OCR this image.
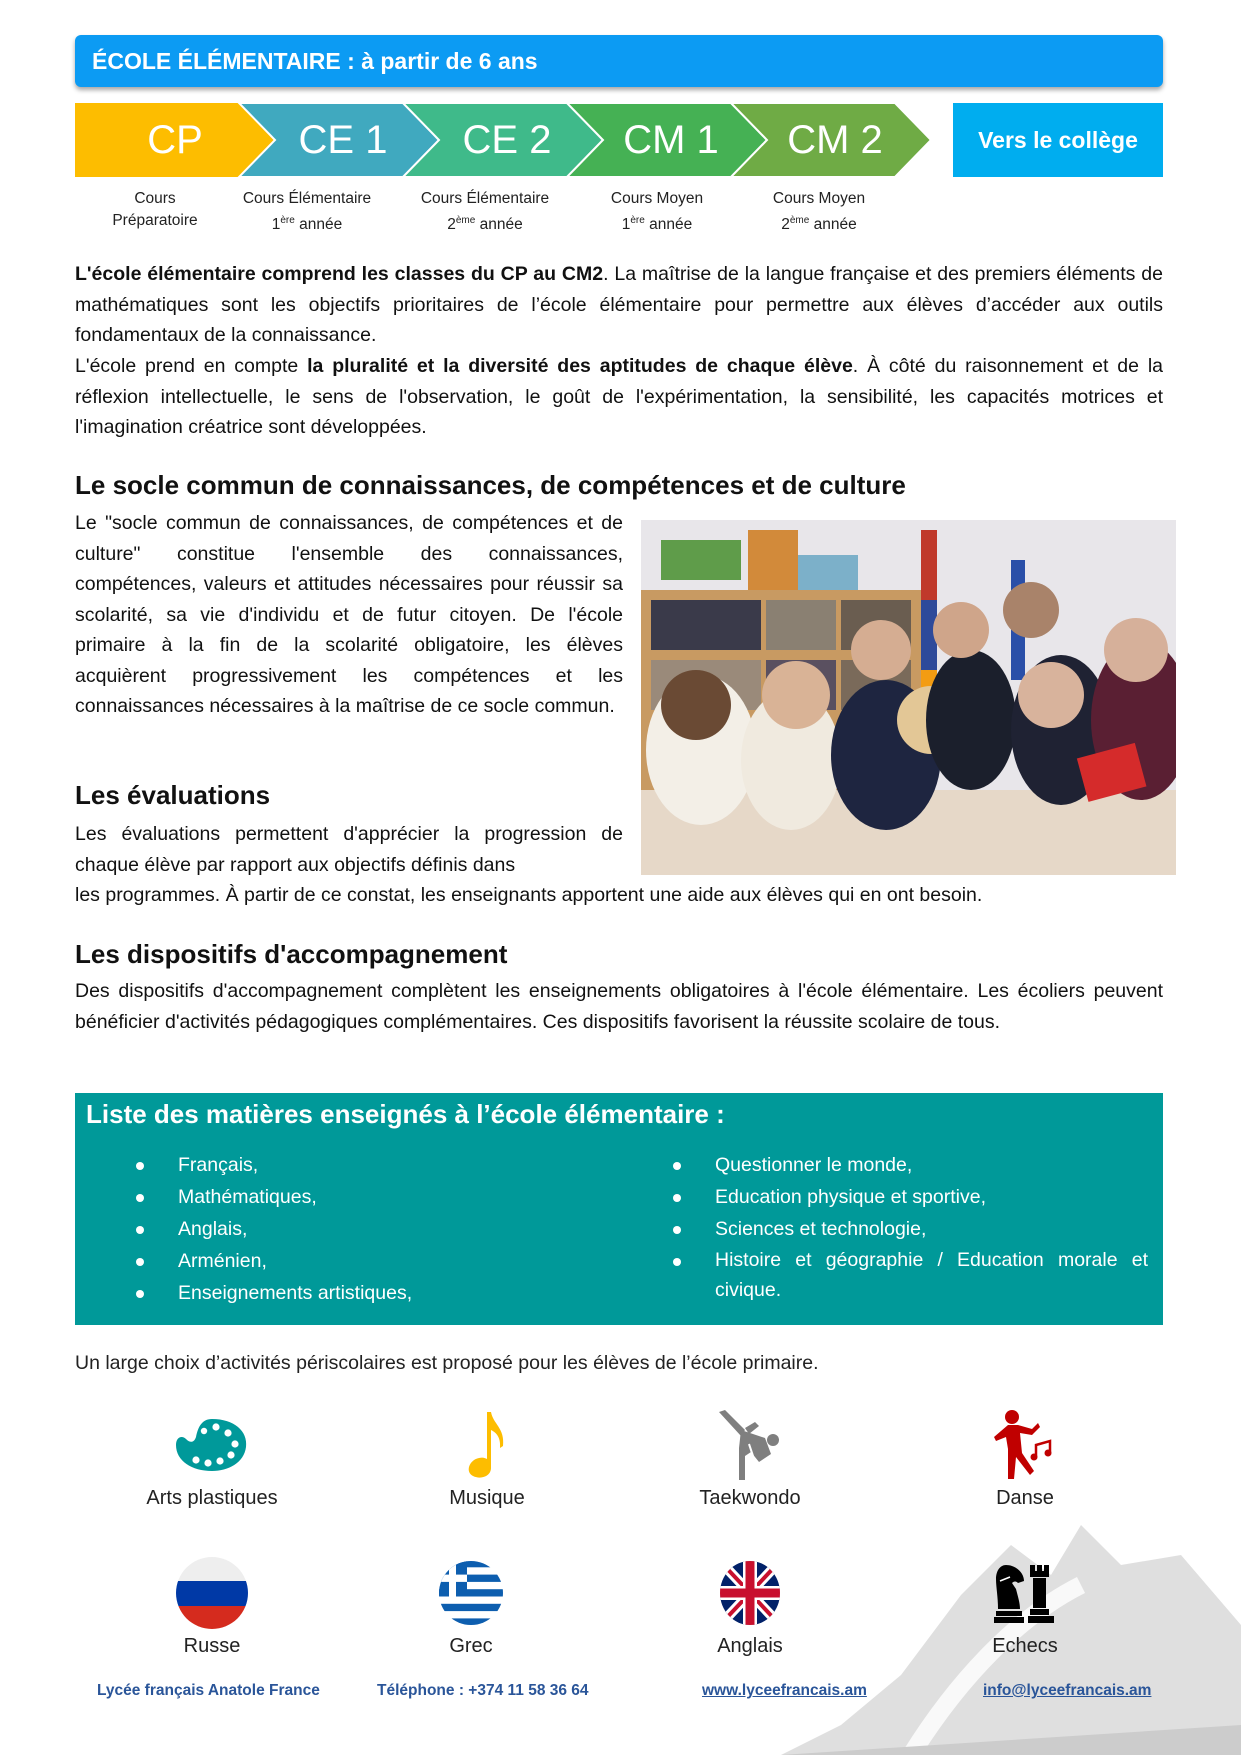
ÉCOLE ÉLÉMENTAIRE : à partir de 6 ans
CP	CE 1	CE 2	CM 1	CM 2	Vers le collège
Cours
Préparatoire
Cours Élémentaire
1ère année
Cours Élémentaire
2ème année
Cours Moyen
1ère année
Cours Moyen
2ème année
L'école élémentaire comprend les classes du CP au CM2. La maîtrise de la langue française et des premiers éléments de mathématiques sont les objectifs prioritaires de l’école élémentaire pour permettre aux élèves d’accéder aux outils fondamentaux de la connaissance.
L'école prend en compte la pluralité et la diversité des aptitudes de chaque élève. À côté du raisonnement et de la réflexion intellectuelle, le sens de l'observation, le goût de l'expérimentation, la sensibilité, les capacités motrices et l'imagination créatrice sont développées.
Le socle commun de connaissances, de compétences et de culture
Le "socle commun de connaissances, de compétences et de culture" constitue l'ensemble des connaissances, compétences, valeurs et attitudes nécessaires pour réussir sa scolarité, sa vie d'individu et de futur citoyen. De l'école primaire à la fin de la scolarité obligatoire, les élèves acquièrent progressivement les compétences et les connaissances nécessaires à la maîtrise de ce socle commun.
Les évaluations
Les évaluations permettent d'apprécier la progression de chaque élève par rapport aux objectifs définis dans
les programmes. À partir de ce constat, les enseignants apportent une aide aux élèves qui en ont besoin.
Les dispositifs d'accompagnement
Des dispositifs d'accompagnement complètent les enseignements obligatoires à l'école élémentaire. Les écoliers peuvent bénéficier d'activités pédagogiques complémentaires. Ces dispositifs favorisent la réussite scolaire de tous.
Liste des matières enseignés à l’école élémentaire :
Français,
Mathématiques,
Anglais,
Arménien,
Enseignements artistiques,
Questionner le monde,
Education physique et sportive,
Sciences et technologie,
Histoire et géographie / Education morale et civique.
Un large choix d’activités périscolaires est proposé pour les élèves de l’école primaire.
Arts plastiques	Musique	Taekwondo	Danse
Russe	Grec	Anglais	Echecs
Lycée français Anatole France	Téléphone : +374 11 58 36 64	www.lyceefrancais.am	info@lyceefrancais.am
